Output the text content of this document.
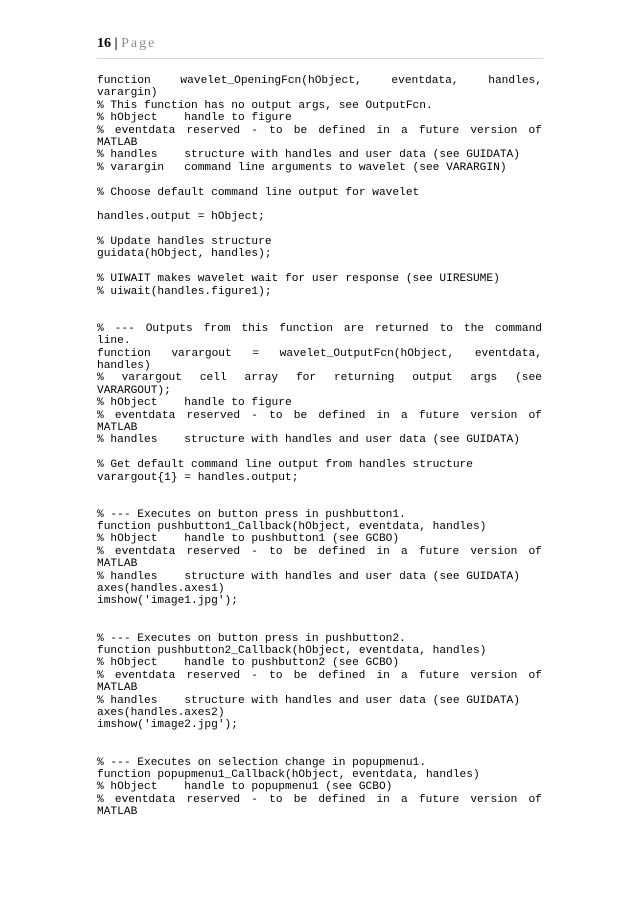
16 | Page
function	wavelet_OpeningFcn(hObject,	eventdata,	handles,
varargin)
% This function has no output args, see OutputFcn.
% hObject    handle to figure
% eventdata reserved - to be defined in a future version of
MATLAB
% handles    structure with handles and user data (see GUIDATA)
% varargin   command line arguments to wavelet (see VARARGIN)
% Choose default command line output for wavelet
handles.output = hObject;
% Update handles structure
guidata(hObject, handles);
% UIWAIT makes wavelet wait for user response (see UIRESUME)
% uiwait(handles.figure1);
% --- Outputs from this function are returned to the command
line.
function varargout = wavelet_OutputFcn(hObject, eventdata,
handles)
% varargout cell array for returning output args (see
VARARGOUT);
% hObject    handle to figure
% eventdata reserved - to be defined in a future version of
MATLAB
% handles    structure with handles and user data (see GUIDATA)
% Get default command line output from handles structure
varargout{1} = handles.output;
% --- Executes on button press in pushbutton1.
function pushbutton1_Callback(hObject, eventdata, handles)
% hObject    handle to pushbutton1 (see GCBO)
% eventdata reserved - to be defined in a future version of
MATLAB
% handles    structure with handles and user data (see GUIDATA)
axes(handles.axes1)
imshow('image1.jpg');
% --- Executes on button press in pushbutton2.
function pushbutton2_Callback(hObject, eventdata, handles)
% hObject    handle to pushbutton2 (see GCBO)
% eventdata reserved - to be defined in a future version of
MATLAB
% handles    structure with handles and user data (see GUIDATA)
axes(handles.axes2)
imshow('image2.jpg');
% --- Executes on selection change in popupmenu1.
function popupmenu1_Callback(hObject, eventdata, handles)
% hObject    handle to popupmenu1 (see GCBO)
% eventdata reserved - to be defined in a future version of
MATLAB
